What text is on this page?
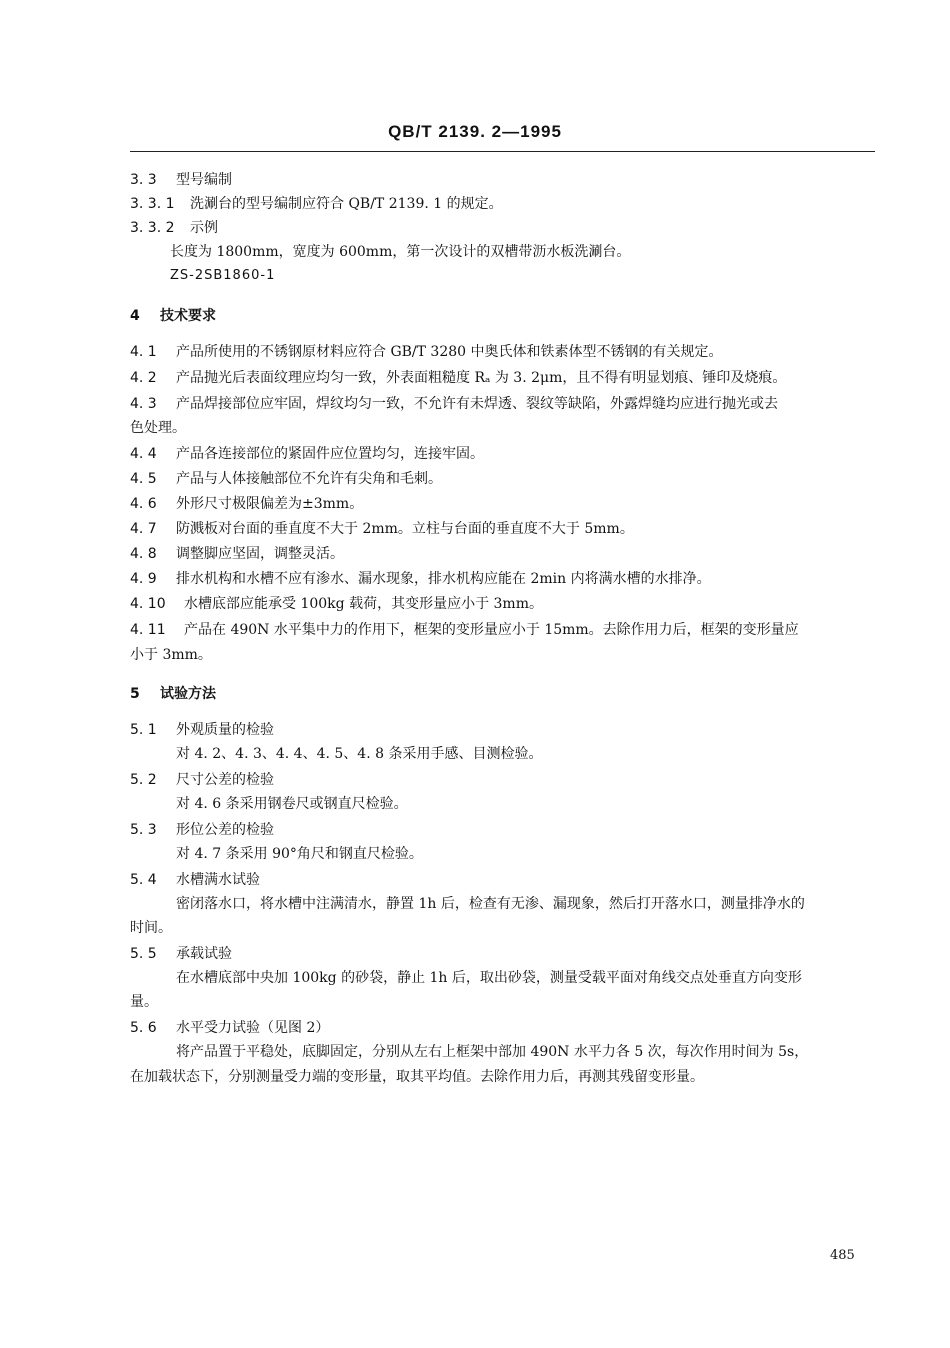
QB/T 2139. 2—1995
3. 3 型号编制
3. 3. 1 洗涮台的型号编制应符合 QB/T 2139. 1 的规定。
3. 3. 2 示例
长度为 1800mm，宽度为 600mm，第一次设计的双槽带沥水板洗涮台。
ZS-2SB1860-1
4 技术要求
4. 1 产品所使用的不锈钢原材料应符合 GB/T 3280 中奥氏体和铁素体型不锈钢的有关规定。
4. 2 产品抛光后表面纹理应均匀一致，外表面粗糙度 Rₐ 为 3. 2μm，且不得有明显划痕、锤印及烧痕。
4. 3 产品焊接部位应牢固，焊纹均匀一致，不允许有未焊透、裂纹等缺陷，外露焊缝均应进行抛光或去
色处理。
4. 4 产品各连接部位的紧固件应位置均匀，连接牢固。
4. 5 产品与人体接触部位不允许有尖角和毛刺。
4. 6 外形尺寸极限偏差为±3mm。
4. 7 防溅板对台面的垂直度不大于 2mm。立柱与台面的垂直度不大于 5mm。
4. 8 调整脚应坚固，调整灵活。
4. 9 排水机构和水槽不应有渗水、漏水现象，排水机构应能在 2min 内将满水槽的水排净。
4. 10 水槽底部应能承受 100kg 载荷，其变形量应小于 3mm。
4. 11 产品在 490N 水平集中力的作用下，框架的变形量应小于 15mm。去除作用力后，框架的变形量应
小于 3mm。
5 试验方法
5. 1 外观质量的检验
对 4. 2、4. 3、4. 4、4. 5、4. 8 条采用手感、目测检验。
5. 2 尺寸公差的检验
对 4. 6 条采用钢卷尺或钢直尺检验。
5. 3 形位公差的检验
对 4. 7 条采用 90°角尺和钢直尺检验。
5. 4 水槽满水试验
密闭落水口，将水槽中注满清水，静置 1h 后，检查有无渗、漏现象，然后打开落水口，测量排净水的
时间。
5. 5 承载试验
在水槽底部中央加 100kg 的砂袋，静止 1h 后，取出砂袋，测量受载平面对角线交点处垂直方向变形
量。
5. 6 水平受力试验（见图 2）
将产品置于平稳处，底脚固定，分别从左右上框架中部加 490N 水平力各 5 次，每次作用时间为 5s，
在加载状态下，分别测量受力端的变形量，取其平均值。去除作用力后，再测其残留变形量。
485
